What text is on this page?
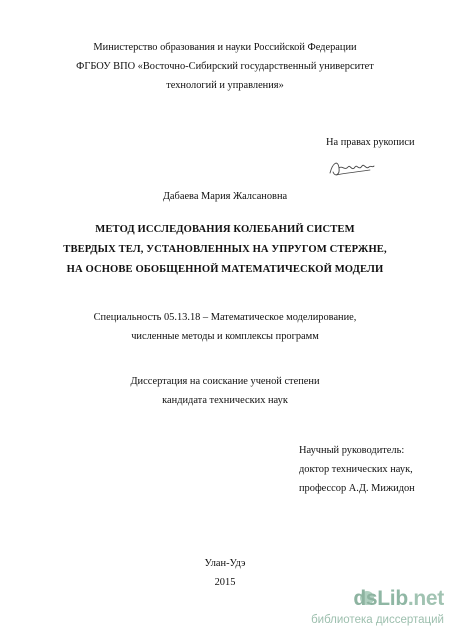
Министерство образования и науки Российской Федерации
ФГБОУ ВПО «Восточно-Сибирский государственный университет
технологий и управления»
На правах рукописи
Дабаева Мария Жалсановна
МЕТОД ИССЛЕДОВАНИЯ КОЛЕБАНИЙ СИСТЕМ
ТВЕРДЫХ ТЕЛ, УСТАНОВЛЕННЫХ НА УПРУГОМ СТЕРЖНЕ,
НА ОСНОВЕ ОБОБЩЕННОЙ МАТЕМАТИЧЕСКОЙ МОДЕЛИ
Специальность 05.13.18 – Математическое моделирование,
численные методы и комплексы программ
Диссертация на соискание ученой степени
кандидата технических наук
Научный руководитель:
доктор технических наук,
профессор А.Д. Мижидон
Улан-Удэ
2015
dsLib.net
библиотека диссертаций
